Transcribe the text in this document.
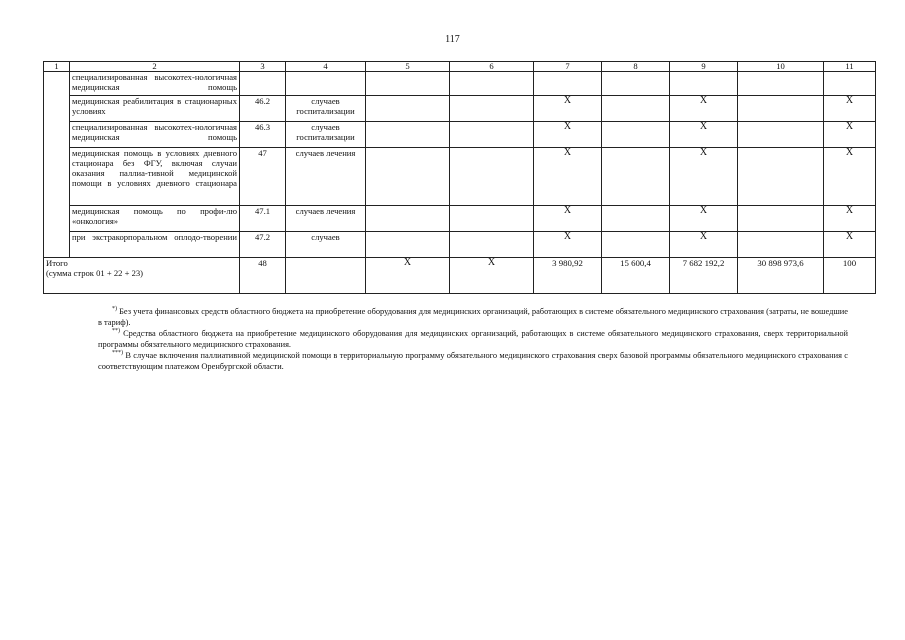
117
1	2	3	4	5	6	7	8	9	10	11
	специализированная высокотех-нологичная медицинская помощь									
	медицинская реабилитация в стационарных условиях	46.2	случаев госпитализации			X		X		X
	специализированная высокотех-нологичная медицинская помощь	46.3	случаев госпитализации			X		X		X
	медицинская помощь в условиях дневного стационара без ФГУ, включая случаи оказания паллиа-тивной медицинской помощи в условиях дневного стационара	47	случаев лечения			X		X		X
	медицинская помощь по профи-лю «онкология»	47.1	случаев лечения			X		X		X
	при экстракорпоральном оплодо-творении	47.2	случаев			X		X		X

Итого
(сумма строк 01 + 22 + 23)		48		X	X	3 980,92	15 600,4	7 682 192,2	30 898 973,6	100

*) Без учета финансовых средств областного бюджета на приобретение оборудования для медицинских организаций, работающих в системе обязательного медицинского страхования (затраты, не вошедшие в тариф).

**) Средства областного бюджета на приобретение медицинского оборудования для медицинских организаций, работающих в системе обязательного медицинского страхования, сверх территориальной программы обязательного медицинского страхования.

***) В случае включения паллиативной медицинской помощи в территориальную программу обязательного медицинского страхования сверх базовой программы обязательного медицинского страхования с соответствующим платежом Оренбургской области.
